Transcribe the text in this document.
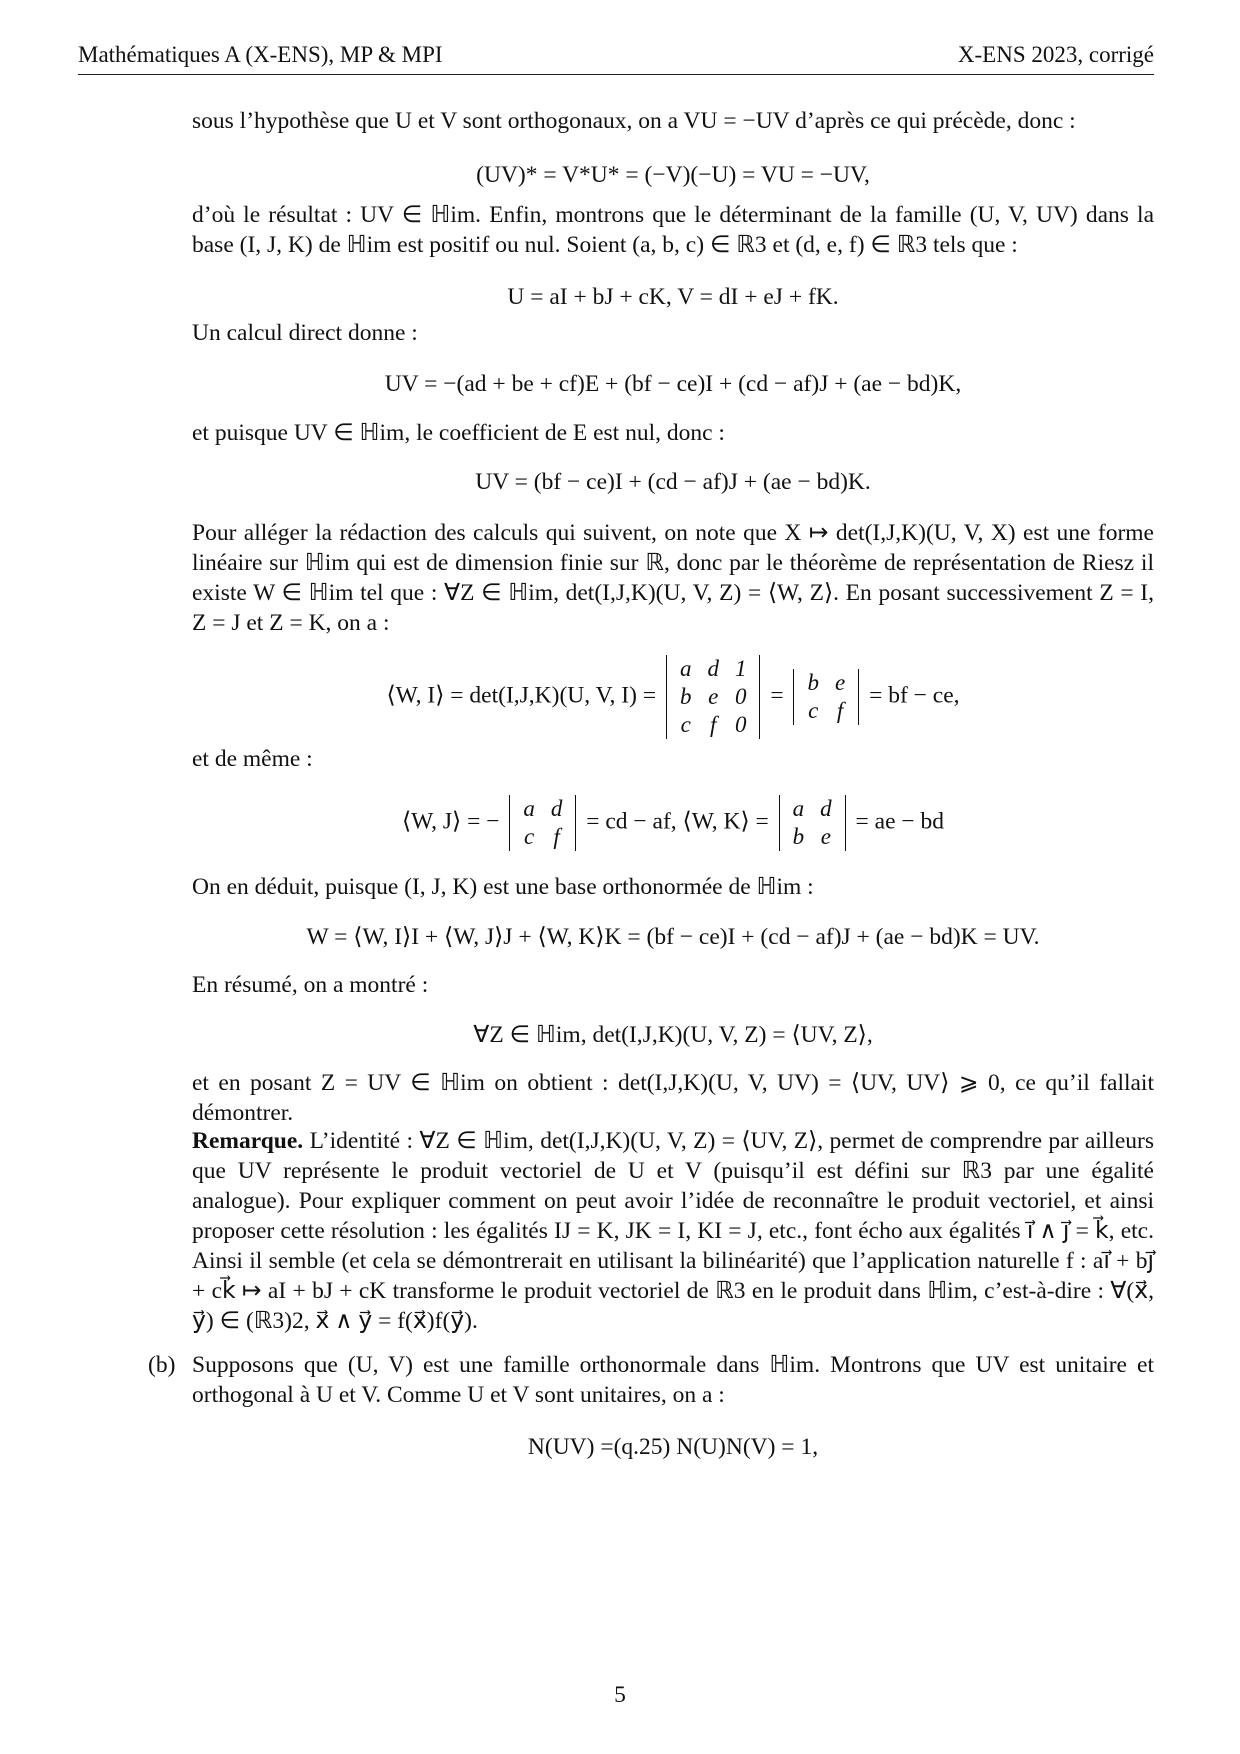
Mathématiques A (X-ENS), MP & MPI	X-ENS 2023, corrigé
sous l’hypothèse que U et V sont orthogonaux, on a VU = −UV d’après ce qui précède, donc :
(UV)* = V*U* = (−V)(−U) = VU = −UV,
d’où le résultat : UV ∈ ℍim. Enfin, montrons que le déterminant de la famille (U, V, UV) dans la base (I, J, K) de ℍim est positif ou nul. Soient (a, b, c) ∈ ℝ3 et (d, e, f) ∈ ℝ3 tels que :
U = aI + bJ + cK, V = dI + eJ + fK.
Un calcul direct donne :
UV = −(ad + be + cf)E + (bf − ce)I + (cd − af)J + (ae − bd)K,
et puisque UV ∈ ℍim, le coefficient de E est nul, donc :
UV = (bf − ce)I + (cd − af)J + (ae − bd)K.
Pour alléger la rédaction des calculs qui suivent, on note que X ↦ det(I,J,K)(U, V, X) est une forme linéaire sur ℍim qui est de dimension finie sur ℝ, donc par le théorème de représentation de Riesz il existe W ∈ ℍim tel que : ∀Z ∈ ℍim, det(I,J,K)(U, V, Z) = ⟨W, Z⟩. En posant successivement Z = I, Z = J et Z = K, on a :
⟨W, I⟩ = det(I,J,K)(U, V, I) =
a	d	1
b	e	0
c	f	0
= b	e
c	f
= bf − ce,
et de même :
⟨W, J⟩ = − a	d
c	f
= cd − af, ⟨W, K⟩ = a	d
b	e
= ae − bd
On en déduit, puisque (I, J, K) est une base orthonormée de ℍim :
W = ⟨W, I⟩I + ⟨W, J⟩J + ⟨W, K⟩K = (bf − ce)I + (cd − af)J + (ae − bd)K = UV.
En résumé, on a montré :
∀Z ∈ ℍim, det(I,J,K)(U, V, Z) = ⟨UV, Z⟩,
et en posant Z = UV ∈ ℍim on obtient : det(I,J,K)(U, V, UV) = ⟨UV, UV⟩ ⩾ 0, ce qu’il fallait démontrer.
Remarque. L’identité : ∀Z ∈ ℍim, det(I,J,K)(U, V, Z) = ⟨UV, Z⟩, permet de comprendre par ailleurs que UV représente le produit vectoriel de U et V (puisqu’il est défini sur ℝ3 par une égalité analogue). Pour expliquer comment on peut avoir l’idée de reconnaître le produit vectoriel, et ainsi proposer cette résolution : les égalités IJ = K, JK = I, KI = J, etc., font écho aux égalités i⃗ ∧ j⃗ = k⃗, etc. Ainsi il semble (et cela se démontrerait en utilisant la bilinéarité) que l’application naturelle f : ai⃗ + bj⃗ + ck⃗ ↦ aI + bJ + cK transforme le produit vectoriel de ℝ3 en le produit dans ℍim, c’est-à-dire : ∀(x⃗, y⃗) ∈ (ℝ3)2, x⃗ ∧ y⃗ = f(x⃗)f(y⃗).
(b) Supposons que (U, V) est une famille orthonormale dans ℍim. Montrons que UV est unitaire et orthogonal à U et V. Comme U et V sont unitaires, on a :
N(UV) =(q.25) N(U)N(V) = 1,
5
